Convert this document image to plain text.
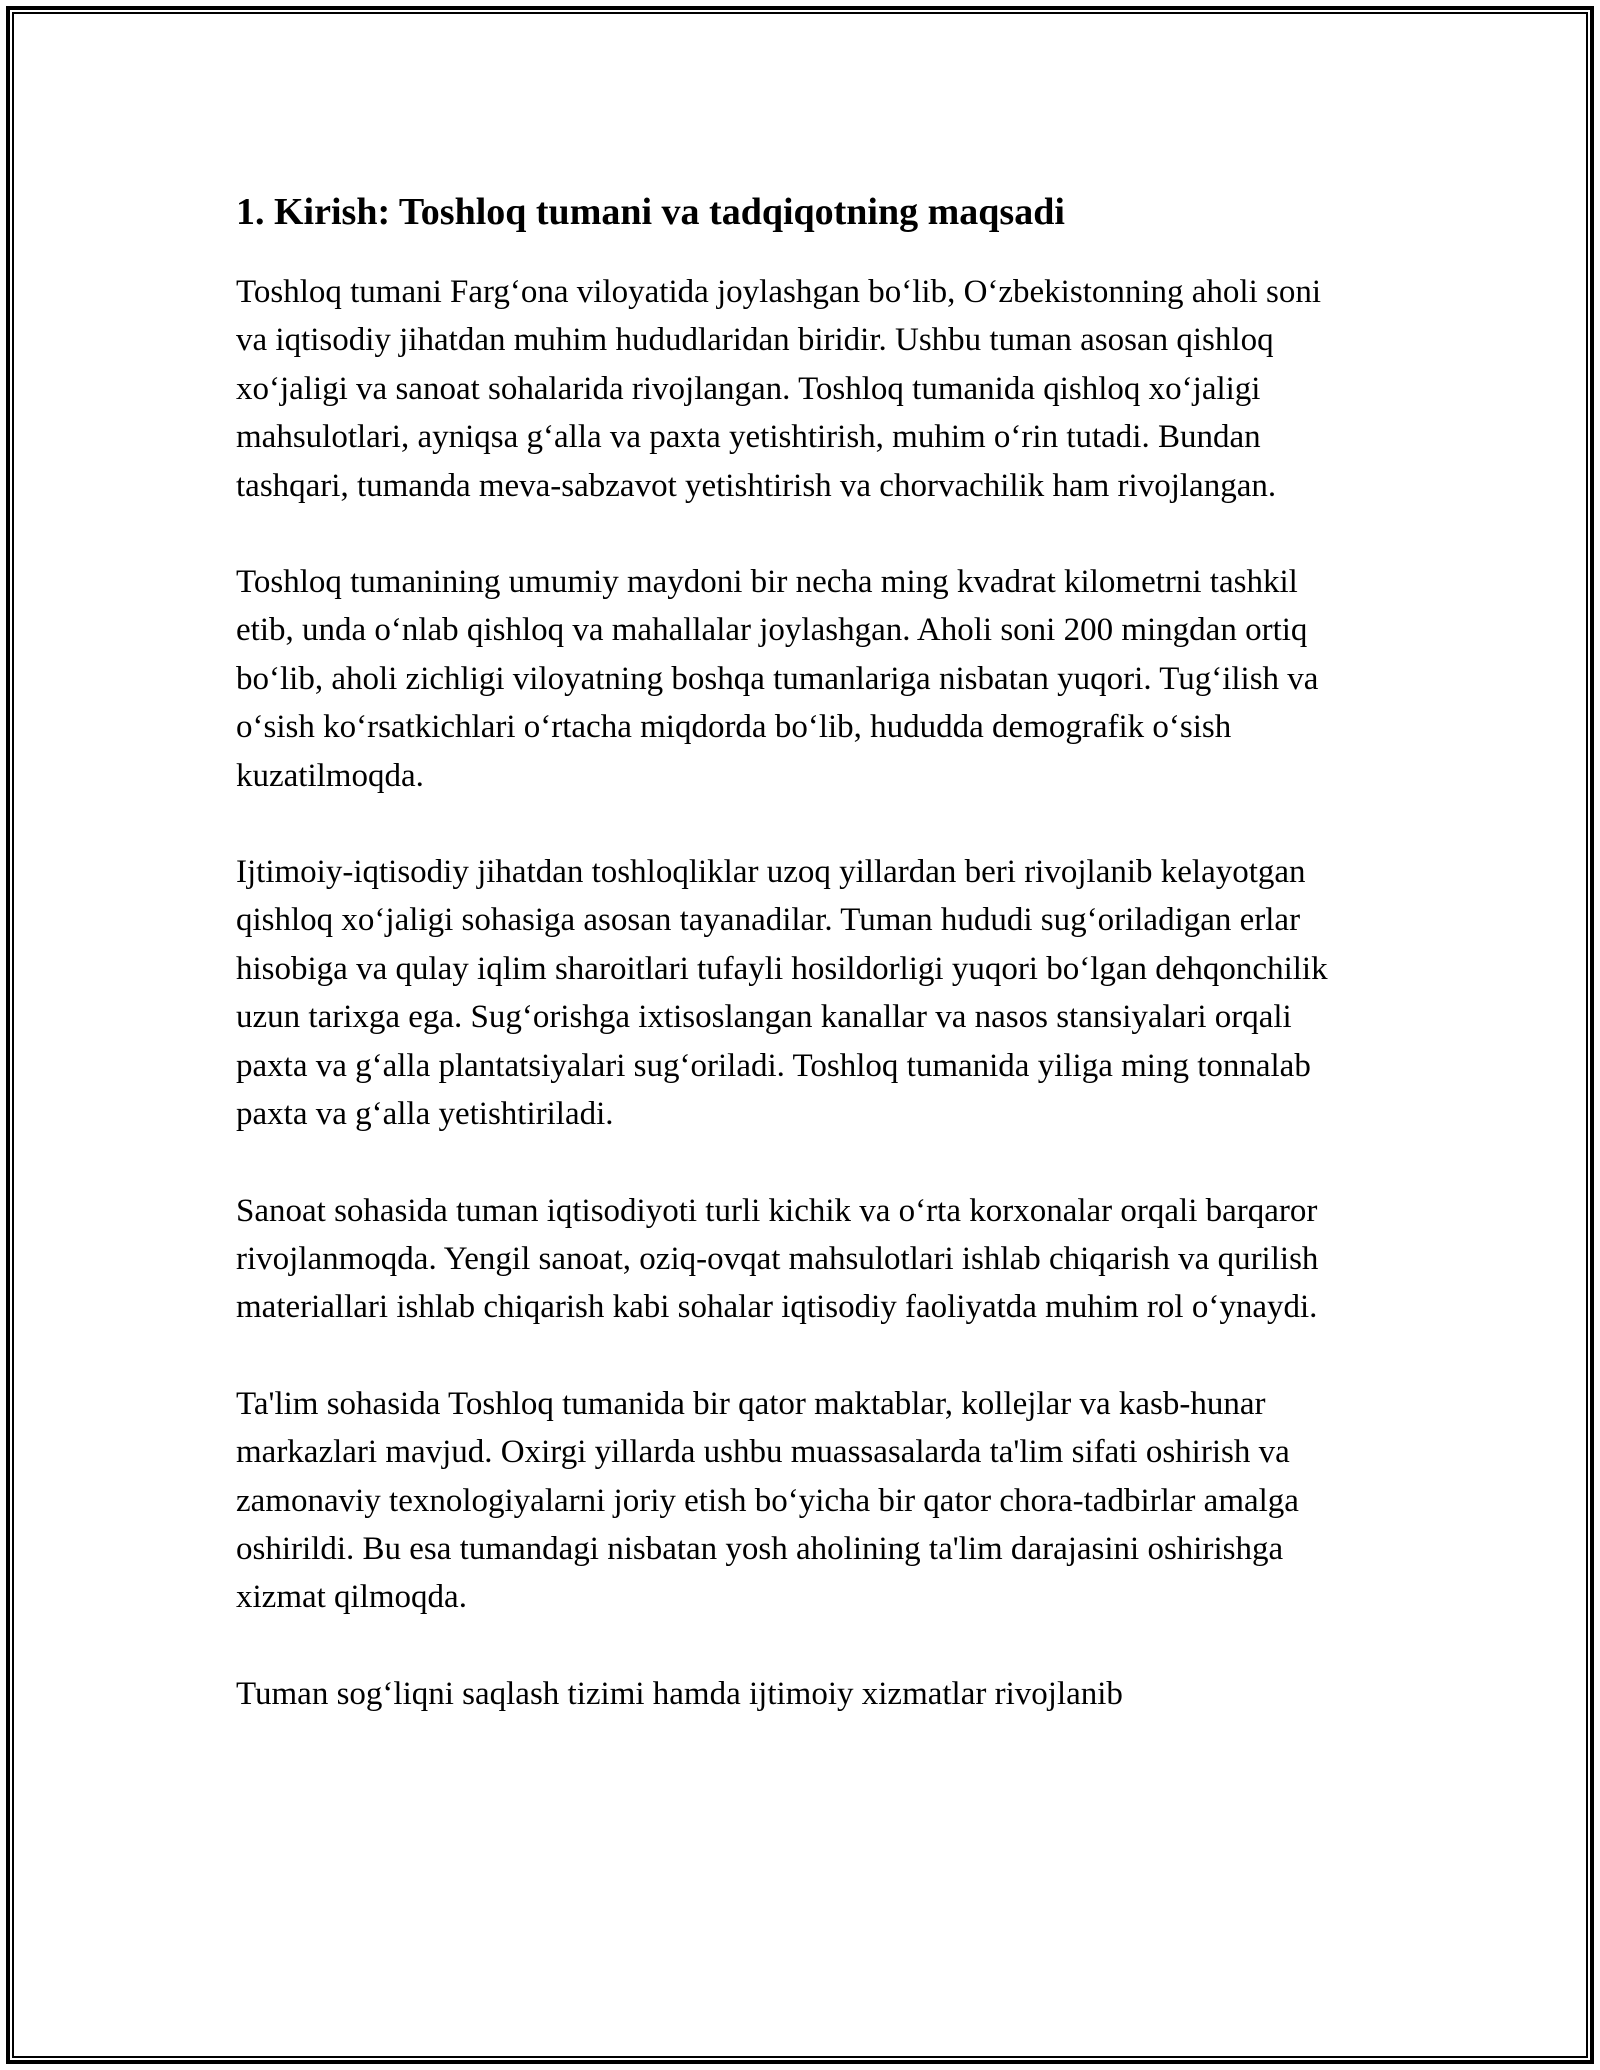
1. Kirish: Toshloq tumani va tadqiqotning maqsadi

Toshloq tumani Farg‘ona viloyatida joylashgan bo‘lib, O‘zbekistonning aholi soni va iqtisodiy jihatdan muhim hududlaridan biridir. Ushbu tuman asosan qishloq xo‘jaligi va sanoat sohalarida rivojlangan. Toshloq tumanida qishloq xo‘jaligi mahsulotlari, ayniqsa g‘alla va paxta yetishtirish, muhim o‘rin tutadi. Bundan tashqari, tumanda meva-sabzavot yetishtirish va chorvachilik ham rivojlangan.

Toshloq tumanining umumiy maydoni bir necha ming kvadrat kilometrni tashkil etib, unda o‘nlab qishloq va mahallalar joylashgan. Aholi soni 200 mingdan ortiq bo‘lib, aholi zichligi viloyatning boshqa tumanlariga nisbatan yuqori. Tug‘ilish va o‘sish ko‘rsatkichlari o‘rtacha miqdorda bo‘lib, hududda demografik o‘sish kuzatilmoqda.

Ijtimoiy-iqtisodiy jihatdan toshloqliklar uzoq yillardan beri rivojlanib kelayotgan qishloq xo‘jaligi sohasiga asosan tayanadilar. Tuman hududi sug‘oriladigan erlar hisobiga va qulay iqlim sharoitlari tufayli hosildorligi yuqori bo‘lgan dehqonchilik uzun tarixga ega. Sug‘orishga ixtisoslangan kanallar va nasos stansiyalari orqali paxta va g‘alla plantatsiyalari sug‘oriladi. Toshloq tumanida yiliga ming tonnalab paxta va g‘alla yetishtiriladi.

Sanoat sohasida tuman iqtisodiyoti turli kichik va o‘rta korxonalar orqali barqaror rivojlanmoqda. Yengil sanoat, oziq-ovqat mahsulotlari ishlab chiqarish va qurilish materiallari ishlab chiqarish kabi sohalar iqtisodiy faoliyatda muhim rol o‘ynaydi.

Ta'lim sohasida Toshloq tumanida bir qator maktablar, kollejlar va kasb-hunar markazlari mavjud. Oxirgi yillarda ushbu muassasalarda ta'lim sifati oshirish va zamonaviy texnologiyalarni joriy etish bo‘yicha bir qator chora-tadbirlar amalga oshirildi. Bu esa tumandagi nisbatan yosh aholining ta'lim darajasini oshirishga xizmat qilmoqda.

Tuman sog‘liqni saqlash tizimi hamda ijtimoiy xizmatlar rivojlanib
